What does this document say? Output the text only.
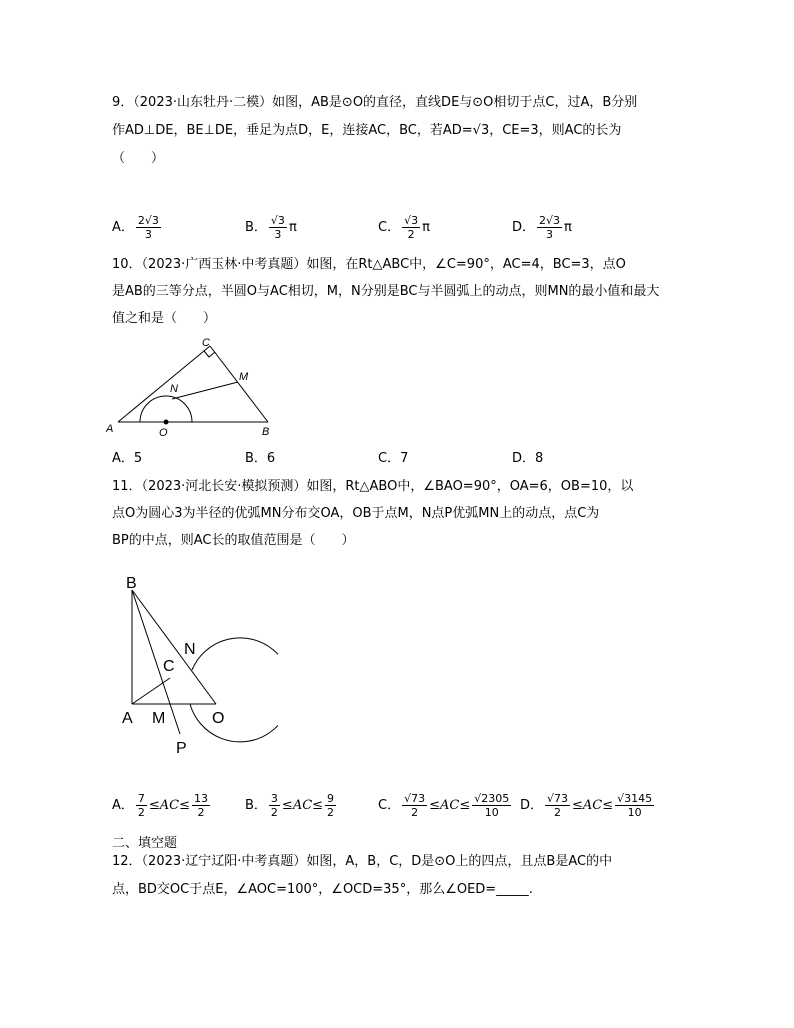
9．（2023·山东牡丹·二模）如图，AB是⊙O的直径，直线DE与⊙O相切于点C，过A，B分别
作AD⊥DE，BE⊥DE，垂足为点D，E，连接AC，BC，若AD=√3，CE=3，则AC的长为
（　　）
A． $\frac{2√3}{3}$	B． $\frac{√3}{3}$ π	C． $\frac{√3}{2}$ π	D． $\frac{2√3}{3}$ π
10．（2023·广西玉林·中考真题）如图，在Rt△ABC中，∠C=90°，AC=4，BC=3，点O
是AB的三等分点，半圆O与AC相切，M，N分别是BC与半圆弧上的动点，则MN的最小值和最大
值之和是（　　）
A	B
C
O
M
N
A．5	B．6	C．7	D．8
11．（2023·河北长安·模拟预测）如图，Rt△ABO中，∠BAO=90°，OA=6，OB=10，以
点O为圆心3为半径的优弧MN分布交OA，OB于点M，N点P优弧MN上的动点，点C为
BP的中点，则AC长的取值范围是（　　）
B
N
C
A M	O
P
A． $\frac{7}{2} \le AC\le \frac{13}{2}$	B． $\frac{3}{2} \le AC\le \frac{9}{2}$	C． $\frac{√73}{2} \le AC\le \frac{√2305}{10}$ D． $\frac{√73}{2} \le AC\le \frac{√3145}{10}$
二、填空题
12．（2023·辽宁辽阳·中考真题）如图，A，B，C，D是⊙O上的四点，且点B是AC的中
点，BD交OC于点E，∠AOC=100°，∠OCD=35°，那么∠OED=_____.
